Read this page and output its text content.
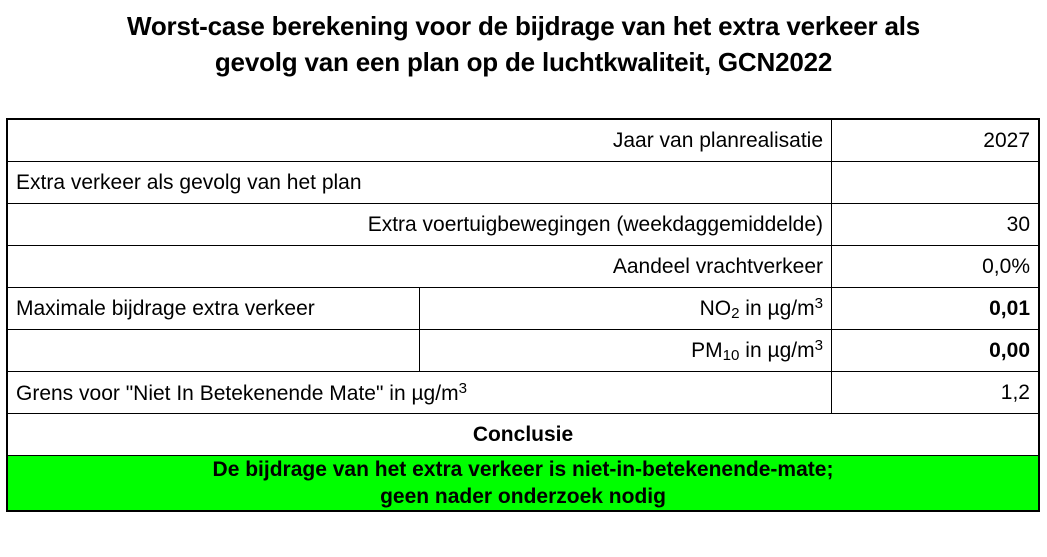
Worst-case berekening voor de bijdrage van het extra verkeer als
gevolg van een plan op de luchtkwaliteit, GCN2022
Jaar van planrealisatie		2027
Extra verkeer als gevolg van het plan		
Extra voertuigbewegingen (weekdaggemiddelde)		30
Aandeel vrachtverkeer		0,0%
Maximale bijdrage extra verkeer	$NO_2$ in $\mu g/m^3$	0,01
	$PM_{10}$ in $\mu g/m^3$	0,00
Grens voor "Niet In Betekenende Mate" in $\mu g/m^3$		1,2
Conclusie		

De bijdrage van het extra verkeer is niet-in-betekenende-mate;
geen nader onderzoek nodig		
